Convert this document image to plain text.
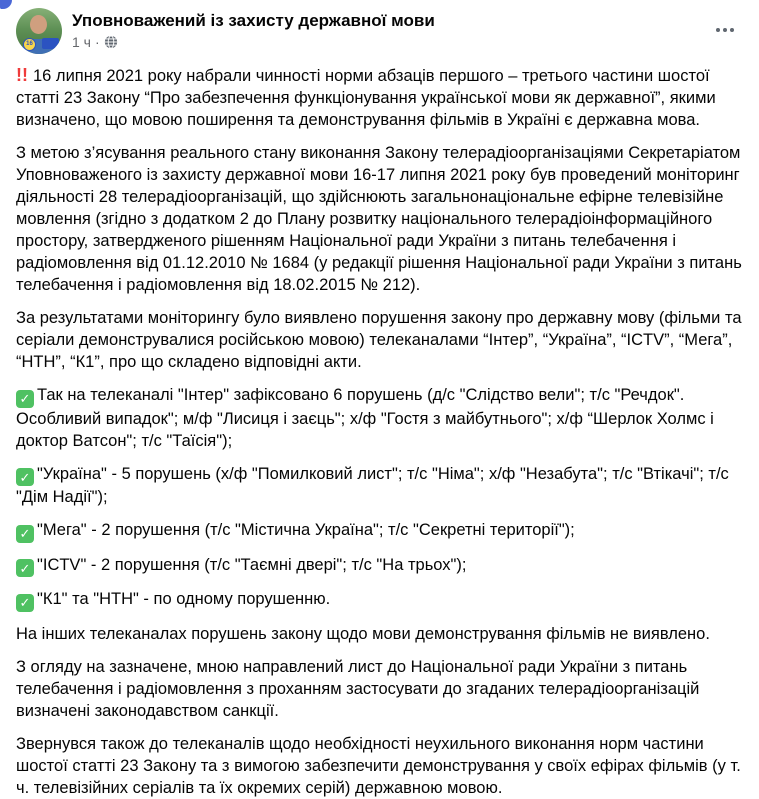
16
Уповноважений із захисту державної мови
1 ч ·

!! 16 липня 2021 року набрали чинності норми абзаців першого – третього частини шостої статті 23 Закону “Про забезпечення функціонування української мови як державної”, якими визначено, що мовою поширення та демонстрування фільмів в Україні є державна мова.

З метою з’ясування реального стану виконання Закону телерадіоорганізаціями Секретаріатом Уповноваженого із захисту державної мови 16-17 липня 2021 року був проведений моніторинг діяльності 28 телерадіоорганізацій, що здійснюють загальнонаціональне ефірне телевізійне мовлення (згідно з додатком 2 до Плану розвитку національного телерадіоінформаційного простору, затвердженого рішенням Національної ради України з питань телебачення і радіомовлення від 01.12.2010 № 1684 (у редакції рішення Національної ради України з питань телебачення і радіомовлення від 18.02.2015 № 212).

За результатами моніторингу було виявлено порушення закону про державну мову (фільми та серіали демонструвалися російською мовою) телеканалами “Інтер”, “Україна”, “ICTV”, “Мега”, “НТН”, “К1”, про що складено відповідні акти.

✓ Так на телеканалі "Інтер" зафіксовано 6 порушень (д/с "Слідство вели"; т/с "Речдок". Особливий випадок"; м/ф "Лисиця і заєць"; х/ф "Гостя з майбутнього"; х/ф “Шерлок Холмс і доктор Ватсон"; т/с "Таїсія");

✓ "Україна" - 5 порушень (х/ф "Помилковий лист"; т/с "Німа"; х/ф "Незабута"; т/с "Втікачі"; т/с "Дім Надії");

✓ "Мега" - 2 порушення (т/с "Містична Україна"; т/с "Секретні території");

✓ "ICTV" - 2 порушення (т/с "Таємні двері"; т/с "На трьох");

✓ "К1" та "НТН" - по одному порушенню.

На інших телеканалах порушень закону щодо мови демонстрування фільмів не виявлено.

З огляду на зазначене, мною направлений лист до Національної ради України з питань телебачення і радіомовлення з проханням застосувати до згаданих телерадіоорганізацій визначені законодавством санкції.

Звернувся також до телеканалів щодо необхідності неухильного виконання норм частини шостої статті 23 Закону та з вимогою забезпечити демонстрування у своїх ефірах фільмів (у т. ч. телевізійних серіалів та їх окремих серій) державною мовою.
